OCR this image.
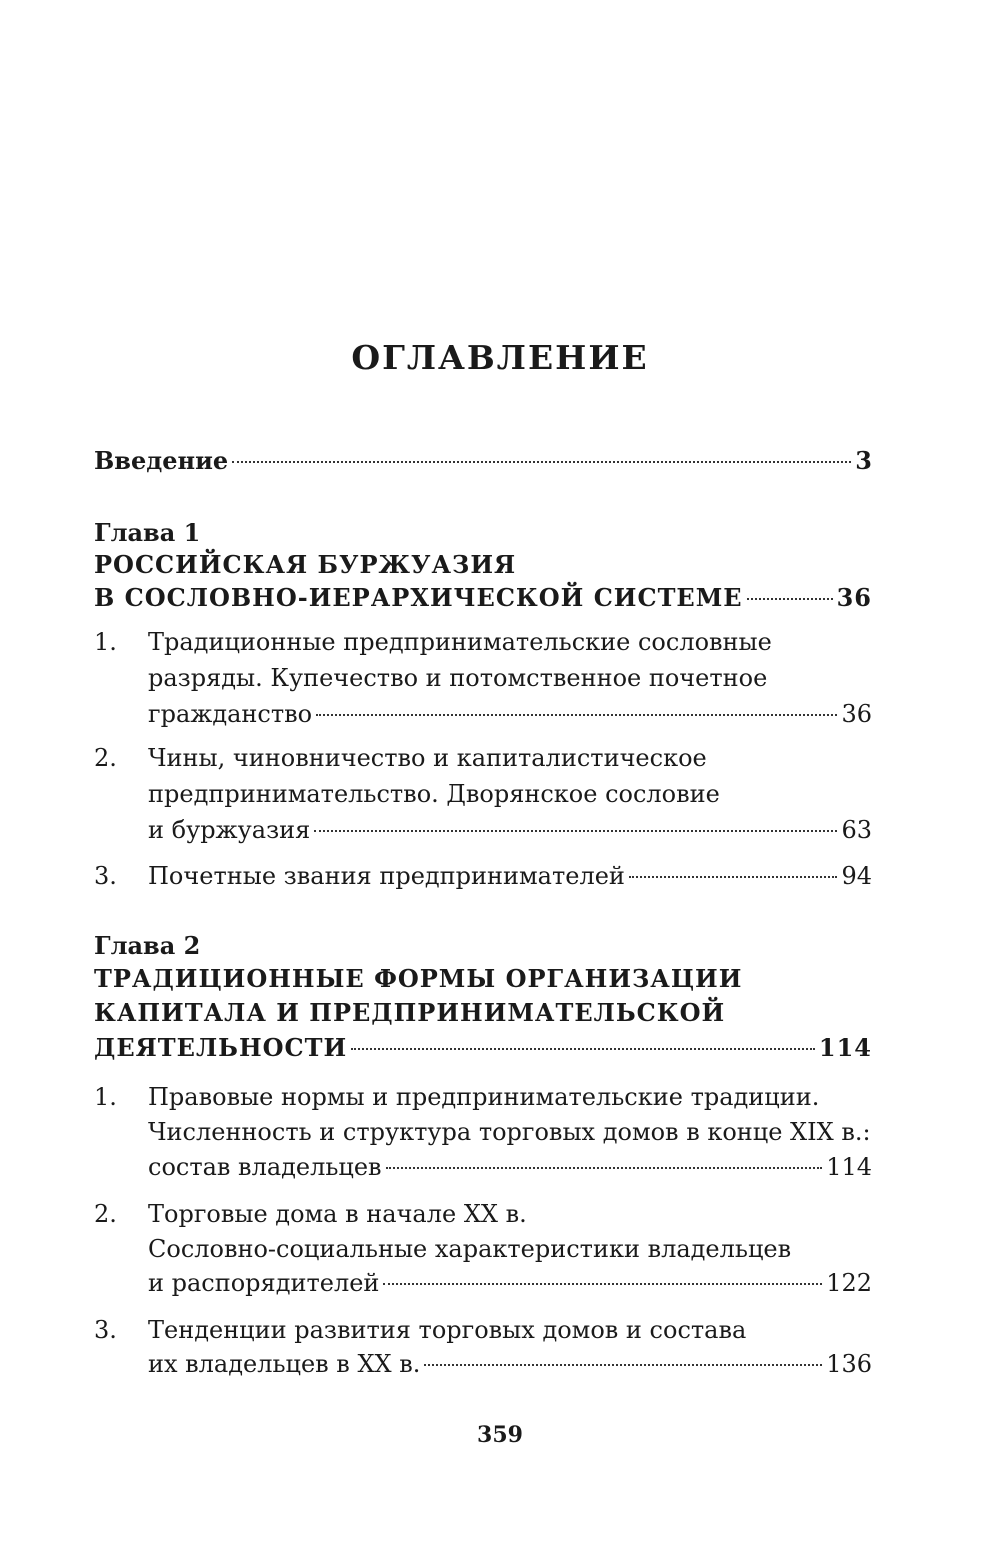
ОГЛАВЛЕНИЕ
Введение	3
Глава 1
РОССИЙСКАЯ БУРЖУАЗИЯ
В СОСЛОВНО-ИЕРАРХИЧЕСКОЙ СИСТЕМЕ	36
1. Традиционные предпринимательские сословные
разряды. Купечество и потомственное почетное
гражданство	36
2. Чины, чиновничество и капиталистическое
предпринимательство. Дворянское сословие
и буржуазия	63
3. Почетные звания предпринимателей	94
Глава 2
ТРАДИЦИОННЫЕ ФОРМЫ ОРГАНИЗАЦИИ
КАПИТАЛА И ПРЕДПРИНИМАТЕЛЬСКОЙ
ДЕЯТЕЛЬНОСТИ	114
1. Правовые нормы и предпринимательские традиции.
Численность и структура торговых домов в конце XIX в.:
состав владельцев	114
2. Торговые дома в начале XX в.
Сословно-социальные характеристики владельцев
и распорядителей	122
3. Тенденции развития торговых домов и состава
их владельцев в XX в.	136
359
